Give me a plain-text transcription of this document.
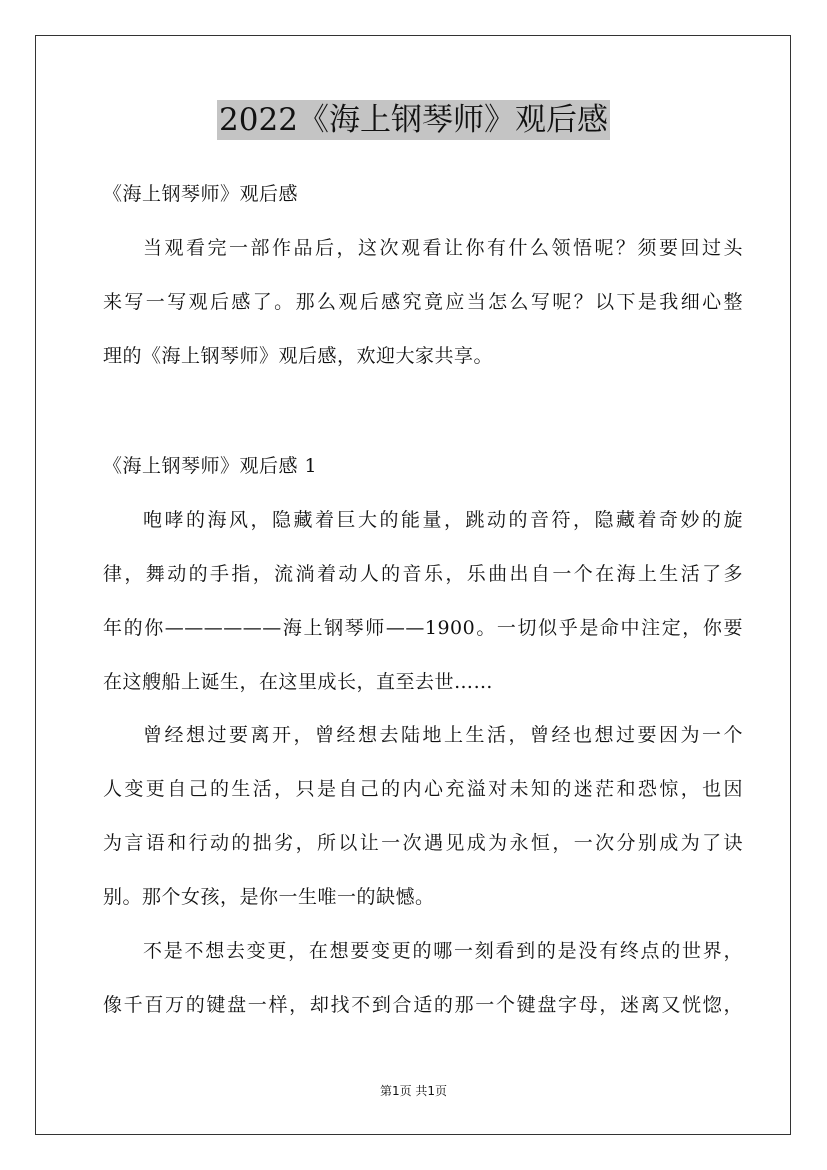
2022《海上钢琴师》观后感
《海上钢琴师》观后感
当观看完一部作品后，这次观看让你有什么领悟呢？须要回过头
来写一写观后感了。那么观后感究竟应当怎么写呢？以下是我细心整
理的《海上钢琴师》观后感，欢迎大家共享。
《海上钢琴师》观后感 1
咆哮的海风，隐藏着巨大的能量，跳动的音符，隐藏着奇妙的旋
律，舞动的手指，流淌着动人的音乐，乐曲出自一个在海上生活了多
年的你——————海上钢琴师——1900。一切似乎是命中注定，你要
在这艘船上诞生，在这里成长，直至去世……
曾经想过要离开，曾经想去陆地上生活，曾经也想过要因为一个
人变更自己的生活，只是自己的内心充溢对未知的迷茫和恐惊，也因
为言语和行动的拙劣，所以让一次遇见成为永恒，一次分别成为了诀
别。那个女孩，是你一生唯一的缺憾。
不是不想去变更，在想要变更的哪一刻看到的是没有终点的世界，
像千百万的键盘一样，却找不到合适的那一个键盘字母，迷离又恍惚，
第1页 共1页
